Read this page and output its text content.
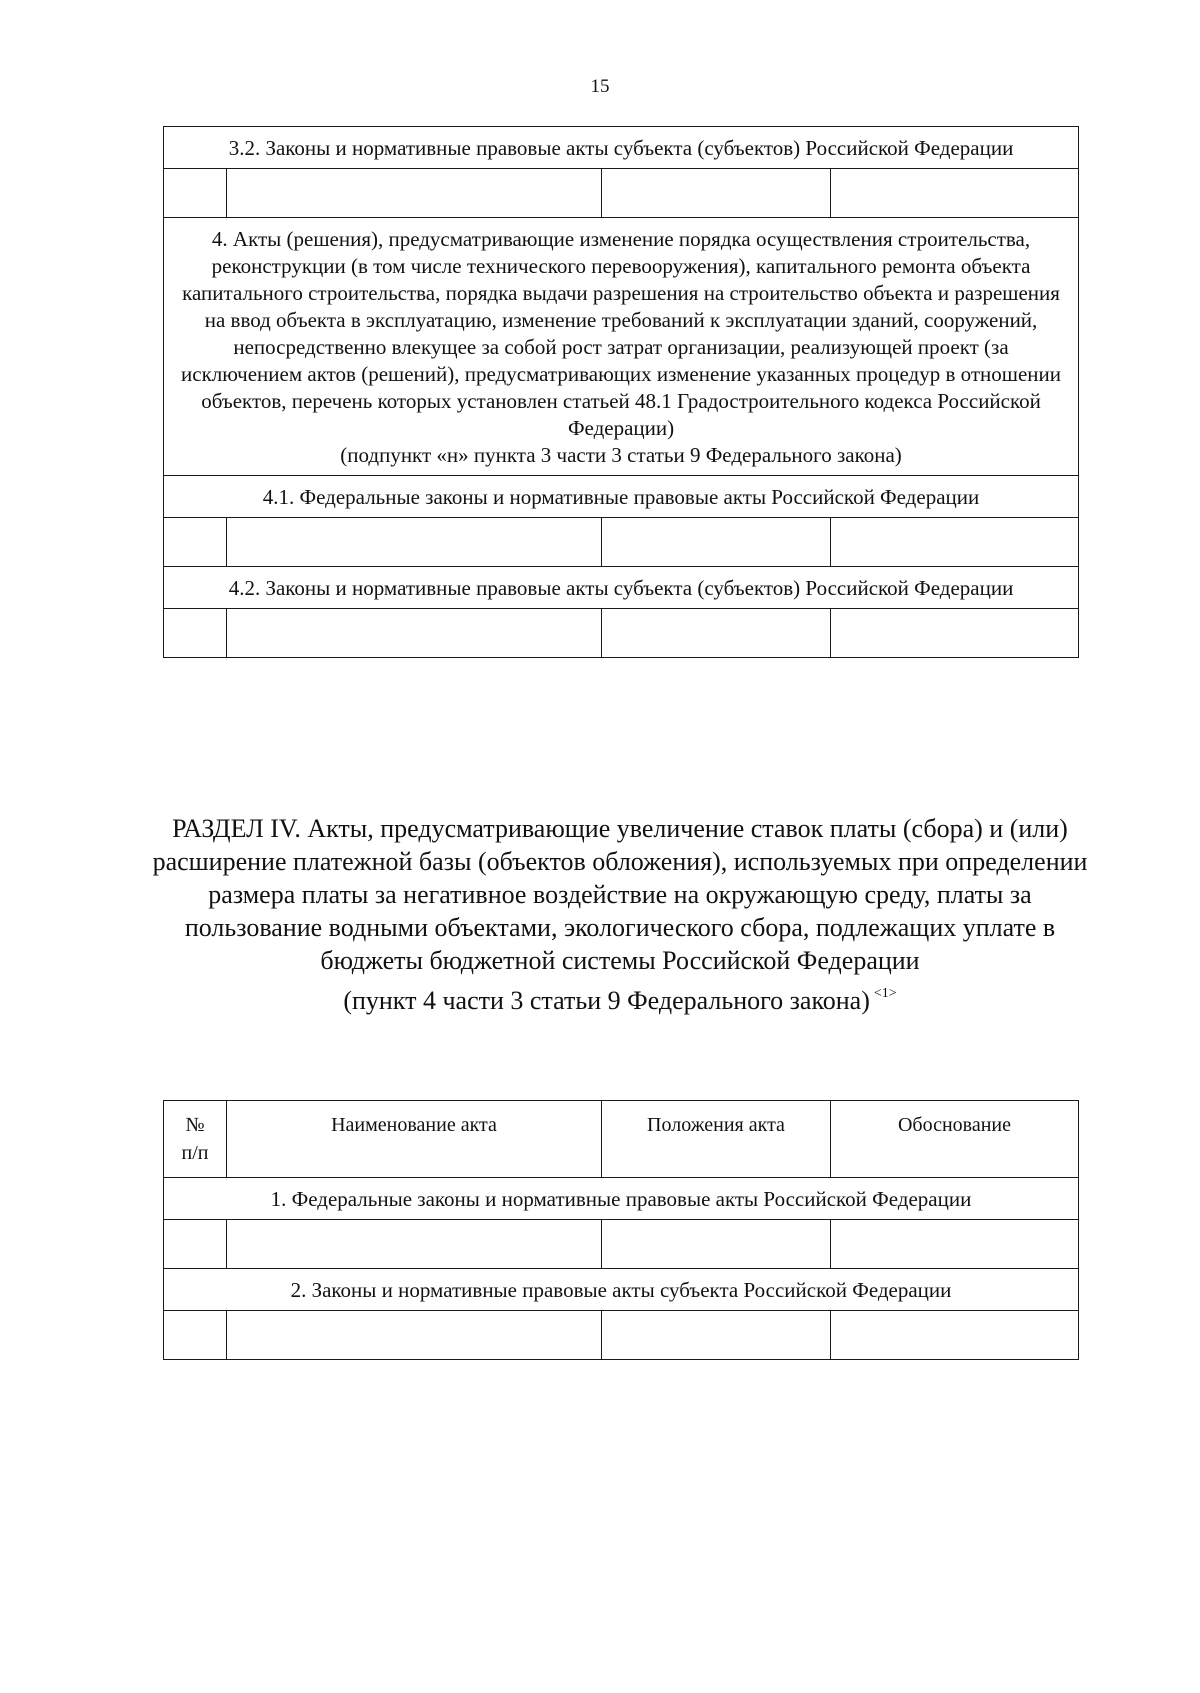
15
3.2. Законы и нормативные правовые акты субъекта (субъектов) Российской Федерации			

4. Акты (решения), предусматривающие изменение порядка осуществления строительства, реконструкции (в том числе технического перевооружения), капитального ремонта объекта капитального строительства, порядка выдачи разрешения на строительство объекта и разрешения на ввод объекта в эксплуатацию, изменение требований к эксплуатации зданий, сооружений, непосредственно влекущее за собой рост затрат организации, реализующей проект (за исключением актов (решений), предусматривающих изменение указанных процедур в отношении объектов, перечень которых установлен статьей 48.1 Градостроительного кодекса Российской Федерации)
(подпункт «н» пункта 3 части 3 статьи 9 Федерального закона)			

4.1. Федеральные законы и нормативные правовые акты Российской Федерации			

4.2. Законы и нормативные правовые акты субъекта (субъектов) Российской Федерации			

РАЗДЕЛ IV. Акты, предусматривающие увеличение ставок платы (сбора) и (или) расширение платежной базы (объектов обложения), используемых при определении размера платы за негативное воздействие на окружающую среду, платы за пользование водными объектами, экологического сбора, подлежащих уплате в бюджеты бюджетной системы Российской Федерации
(пункт 4 части 3 статьи 9 Федерального закона) $^{<1>}$
№
п/п	Наименование акта	Положения акта	Обоснование
1. Федеральные законы и нормативные правовые акты Российской Федерации			

2. Законы и нормативные правовые акты субъекта Российской Федерации			
